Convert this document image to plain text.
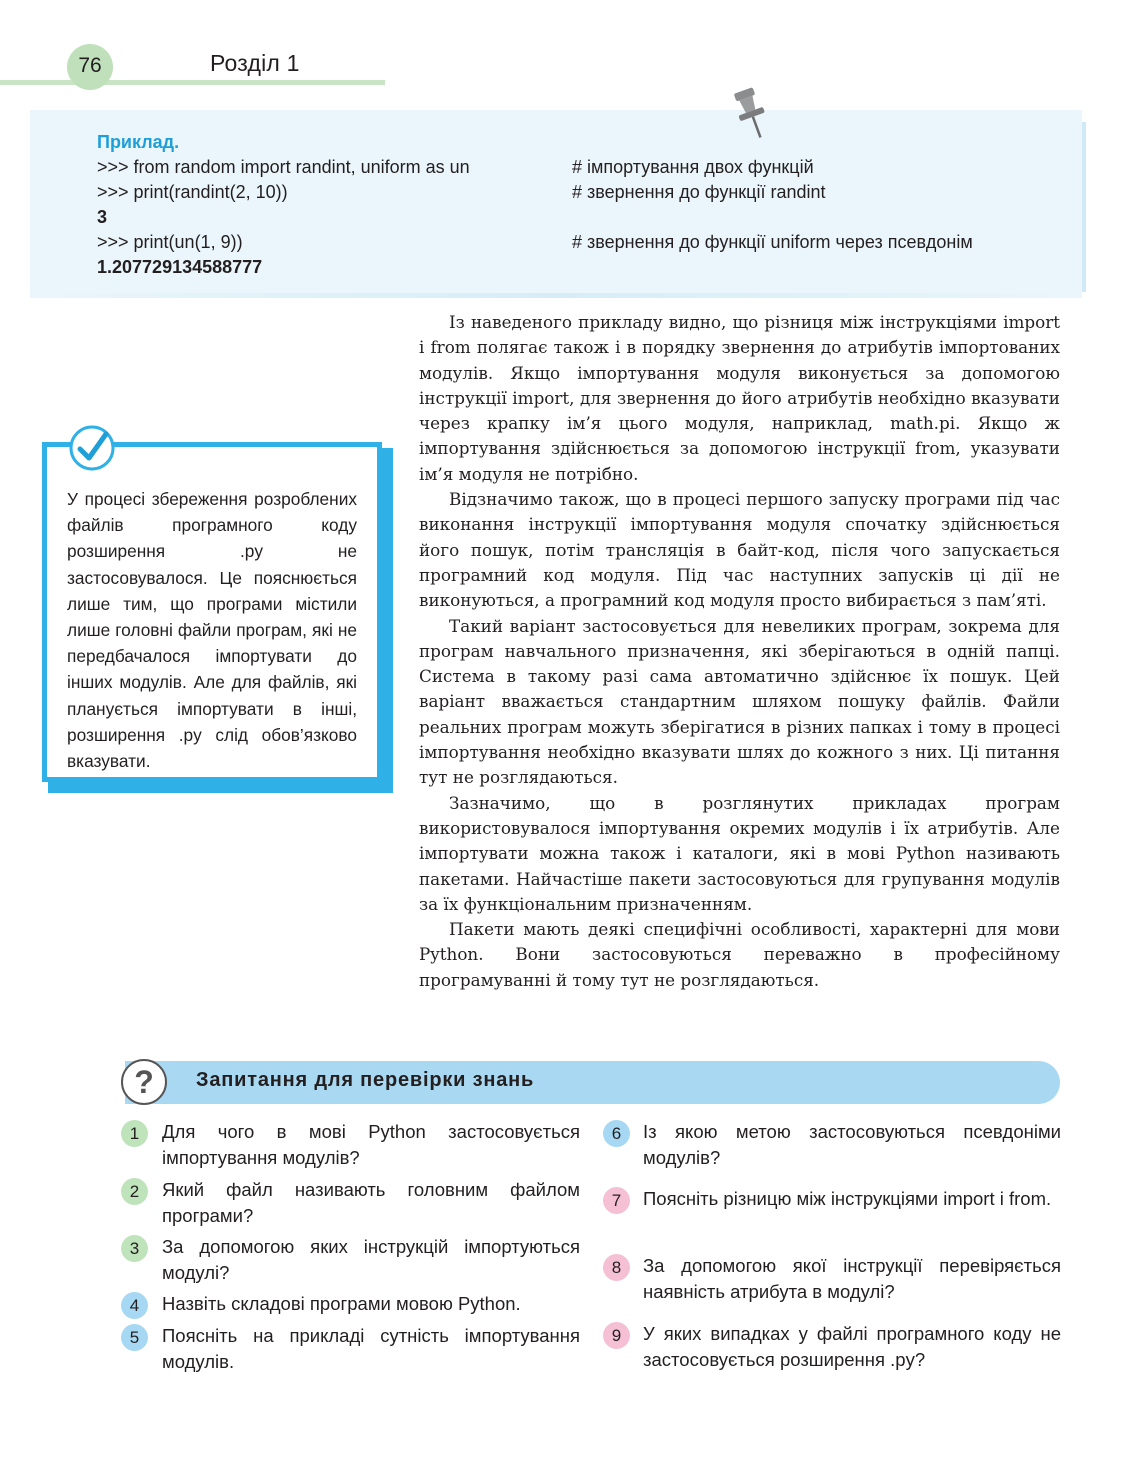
76	Розділ 1
Приклад.
>>> from random import randint, uniform as un	# імпортування двох функцій
>>> print(randint(2, 10))	# звернення до функції randint
3
>>> print(un(1, 9))	# звернення до функції uniform через псевдонім
1.207729134588777

Із наведеного прикладу видно, що різниця між інструкціями import і from полягає також і в порядку звернення до атрибутів імпортованих модулів. Якщо імпортування модуля виконується за допомогою інструкції import, для звернення до його атрибутів необхідно вказувати через крапку ім’я цього модуля, наприклад, math.pi. Якщо ж імпортування здійснюється за допомогою інструкції from, указувати ім’я модуля не потрібно.

Відзначимо також, що в процесі першого запуску програми під час виконання інструкції імпортування модуля спочатку здійснюється його пошук, потім трансляція в байт-код, після чого запускається програмний код модуля. Під час наступних запусків ці дії не виконуються, а програмний код модуля просто вибирається з пам’яті.

Такий варіант застосовується для невеликих програм, зокрема для програм навчального призначення, які зберігаються в одній папці. Система в такому разі сама автоматично здійснює їх пошук. Цей варіант вважається стандартним шляхом пошуку файлів. Файли реальних програм можуть зберігатися в різних папках і тому в процесі імпортування необхідно вказувати шлях до кожного з них. Ці питання тут не розглядаються.

Зазначимо, що в розглянутих прикладах програм використовувалося імпортування окремих модулів і їх атрибутів. Але імпортувати можна також і каталоги, які в мові Python називають пакетами. Найчастіше пакети застосовуються для групування модулів за їх функціональним призначенням.

Пакети мають деякі специфічні особливості, характерні для мови Python. Вони застосовуються переважно в професійному програмуванні й тому тут не розглядаються.

У процесі збереження розроблених файлів програмного коду розширення .py не застосовувалося. Це пояснюється лише тим, що програми містили лише головні файли програм, які не передбачалося імпортувати до інших модулів. Але для файлів, які планується імпортувати в інші, розширення .py слід обов’язково вказувати.
?	Запитання для перевірки знань
1	Для чого в мові Python застосовується імпортування модулів?
2	Який файл називають головним файлом програми?
3	За допомогою яких інструкцій імпортуються модулі?
4	Назвіть складові програми мовою Python.
5	Поясніть на прикладі сутність імпортування модулів.
6	Із якою метою застосовуються псевдоніми модулів?
7	Поясніть різницю між інструкціями import і from.
8	За допомогою якої інструкції перевіряється наявність атрибута в модулі?
9	У яких випадках у файлі програмного коду не застосовується розширення .py?
